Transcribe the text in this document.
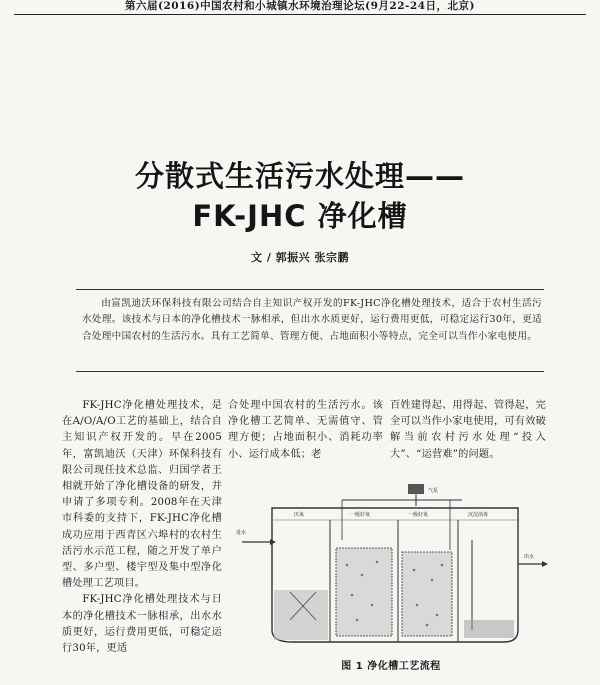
第六届(2016)中国农村和小城镇水环境治理论坛(9月22-24日，北京)
分散式生活污水处理——
FK-JHC 净化槽
文 / 郭振兴 张宗鹏
由富凯迪沃环保科技有限公司结合自主知识产权开发的FK-JHC净化槽处理技术，适合于农村生活污水处理。该技术与日本的净化槽技术一脉相承，但出水水质更好，运行费用更低，可稳定运行30年，更适合处理中国农村的生活污水。具有工艺简单、管理方便、占地面积小等特点，完全可以当作小家电使用。

FK-JHC净化槽处理技术，是在A/O/A/O工艺的基础上，结合自主知识产权开发的。早在2005年，富凯迪沃（天津）环保科技有限公司现任技术总监、归国学者王相就开始了净化槽设备的研发，并申请了多项专利。2008年在天津市科委的支持下，FK-JHC净化槽成功应用于西青区六埠村的农村生活污水示范工程，随之开发了单户型、多户型、楼宇型及集中型净化槽处理工艺项目。

FK-JHC净化槽处理技术与日本的净化槽技术一脉相承，出水水质更好，运行费用更低，可稳定运行30年，更适

合处理中国农村的生活污水。该净化槽工艺简单、无需值守、管理方便；占地面积小、消耗功率小、运行成本低；老

百姓建得起、用得起、管得起，完全可以当作小家电使用，可有效破解当前农村污水处理“投入大”、“运营难”的问题。

气泵
厌氧	一级好氧	一级好氧	沉淀消毒
进水
出水
图 1 净化槽工艺流程
